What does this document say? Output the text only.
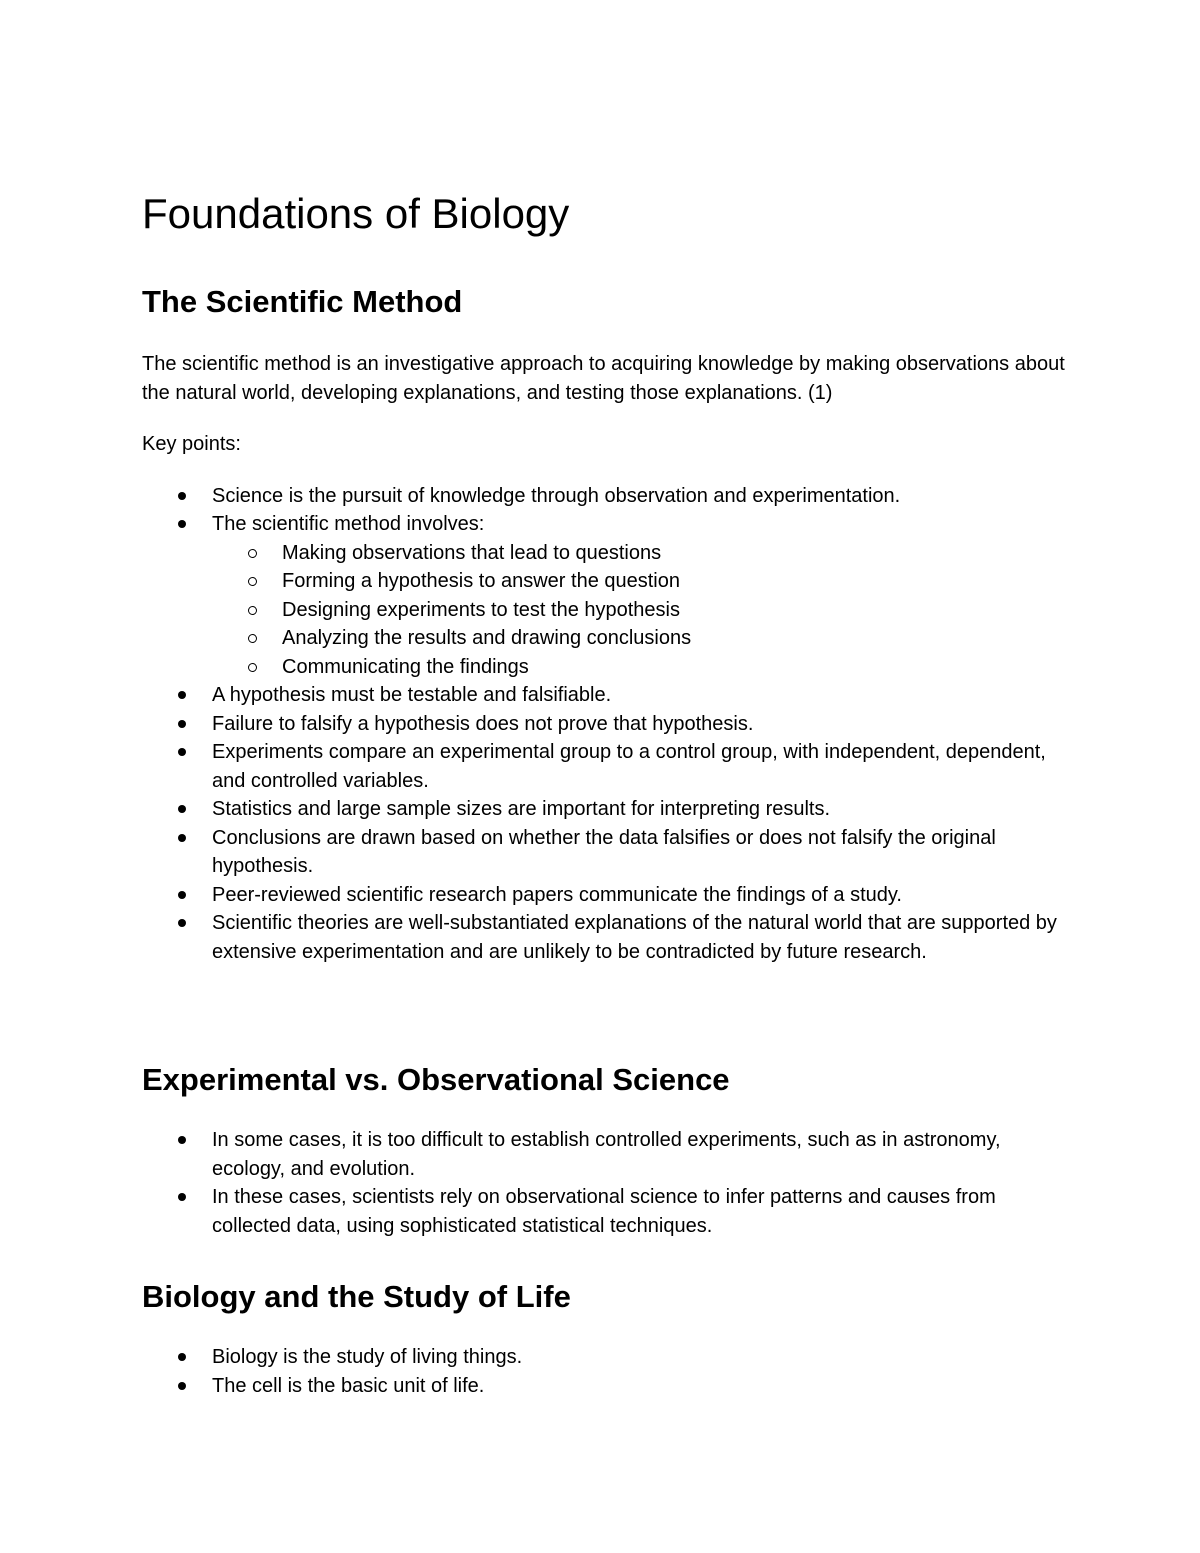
Foundations of Biology
The Scientific Method

The scientific method is an investigative approach to acquiring knowledge by making observations about the natural world, developing explanations, and testing those explanations. (1)

Key points:

Science is the pursuit of knowledge through observation and experimentation.
The scientific method involves:
Making observations that lead to questions
Forming a hypothesis to answer the question
Designing experiments to test the hypothesis
Analyzing the results and drawing conclusions
Communicating the findings
A hypothesis must be testable and falsifiable.
Failure to falsify a hypothesis does not prove that hypothesis.
Experiments compare an experimental group to a control group, with independent, dependent, and controlled variables.
Statistics and large sample sizes are important for interpreting results.
Conclusions are drawn based on whether the data falsifies or does not falsify the original hypothesis.
Peer-reviewed scientific research papers communicate the findings of a study.
Scientific theories are well-substantiated explanations of the natural world that are supported by extensive experimentation and are unlikely to be contradicted by future research.
Experimental vs. Observational Science
In some cases, it is too difficult to establish controlled experiments, such as in astronomy, ecology, and evolution.
In these cases, scientists rely on observational science to infer patterns and causes from collected data, using sophisticated statistical techniques.
Biology and the Study of Life
Biology is the study of living things.
The cell is the basic unit of life.
